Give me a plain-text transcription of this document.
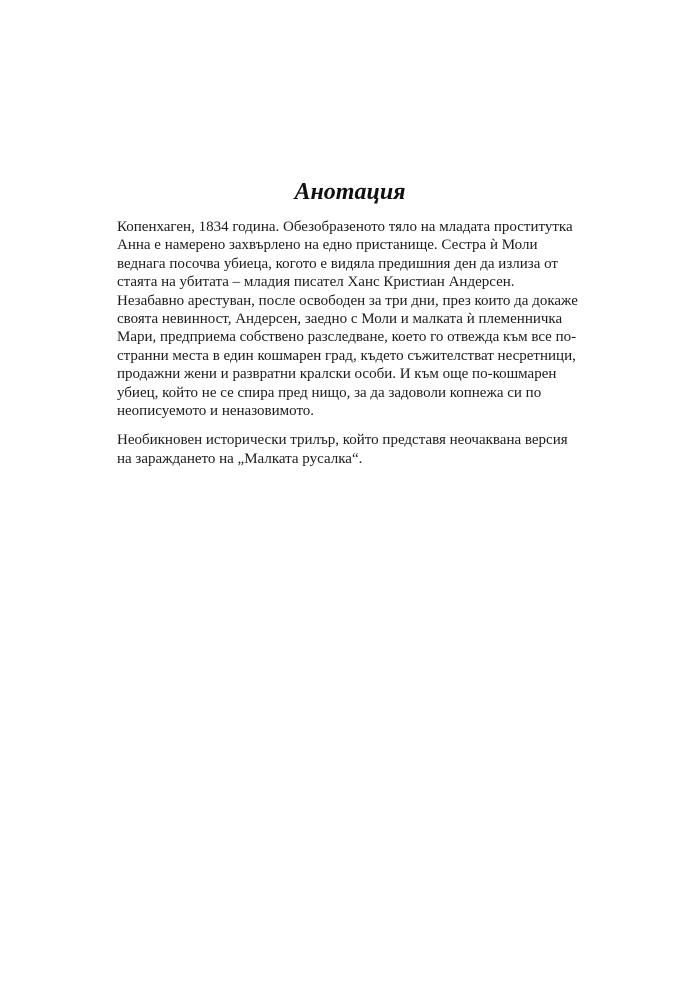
Анотация

Копенхаген, 1834 година. Обезобразеното тяло на младата проститутка
Анна е намерено захвърлено на едно пристанище. Сестра ѝ Моли
веднага посочва убиеца, когото е видяла предишния ден да излиза от
стаята на убитата – младия писател Ханс Кристиан Андерсен.
Незабавно арестуван, после освободен за три дни, през които да докаже
своята невинност, Андерсен, заедно с Моли и малката ѝ племенничка
Мари, предприема собствено разследване, което го отвежда към все по-
странни места в един кошмарен град, където съжителстват несретници,
продажни жени и развратни кралски особи. И към още по-кошмарен
убиец, който не се спира пред нищо, за да задоволи копнежа си по
неописуемото и неназовимото.

Необикновен исторически трилър, който представя неочаквана версия
на зараждането на „Малката русалка“.
